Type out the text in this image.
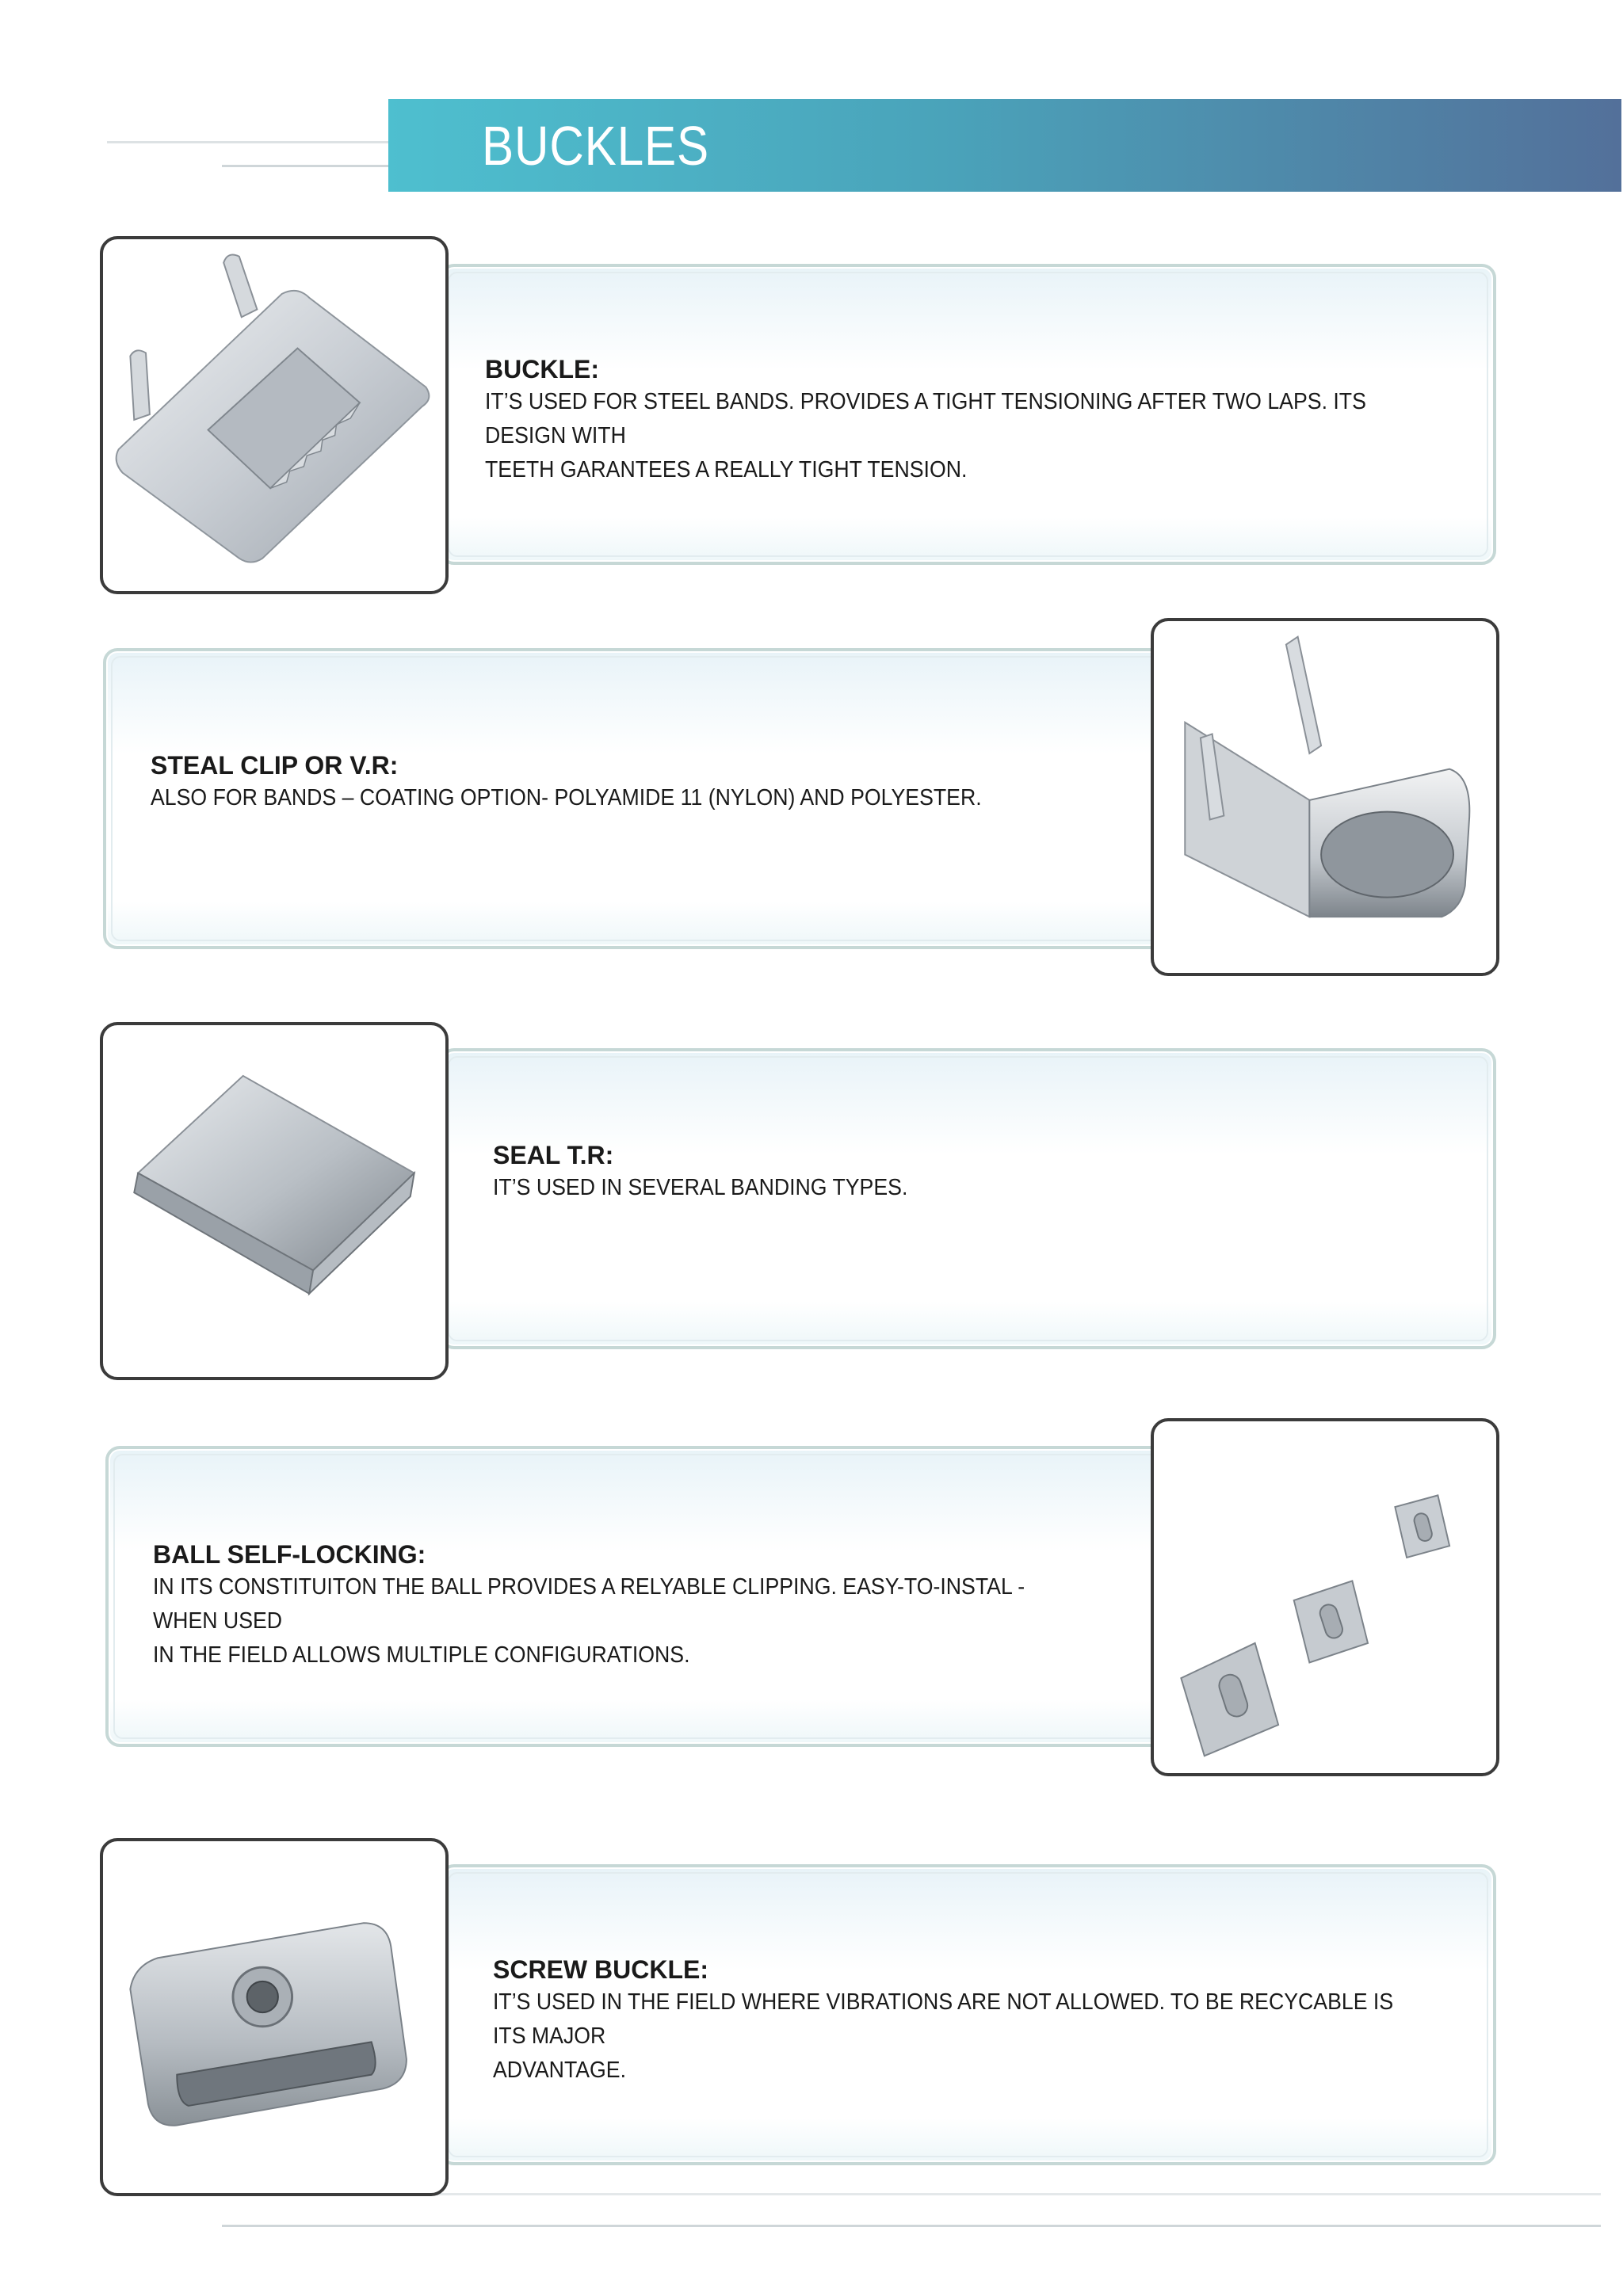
BUCKLES

BUCKLE:

IT’S USED FOR STEEL BANDS. PROVIDES A TIGHT TENSIONING AFTER TWO LAPS. ITS DESIGN WITH
TEETH GARANTEES A REALLY TIGHT TENSION.

STEAL CLIP OR V.R:

ALSO FOR BANDS – COATING OPTION- POLYAMIDE 11 (NYLON) AND POLYESTER.

SEAL T.R:

IT’S USED IN SEVERAL BANDING TYPES.

BALL SELF-LOCKING:

IN ITS CONSTITUITON THE BALL PROVIDES A RELYABLE CLIPPING. EASY-TO-INSTAL - WHEN USED
IN THE FIELD ALLOWS MULTIPLE CONFIGURATIONS.

SCREW BUCKLE:

IT’S USED IN THE FIELD WHERE VIBRATIONS ARE NOT ALLOWED. TO BE RECYCABLE IS ITS MAJOR
ADVANTAGE.
